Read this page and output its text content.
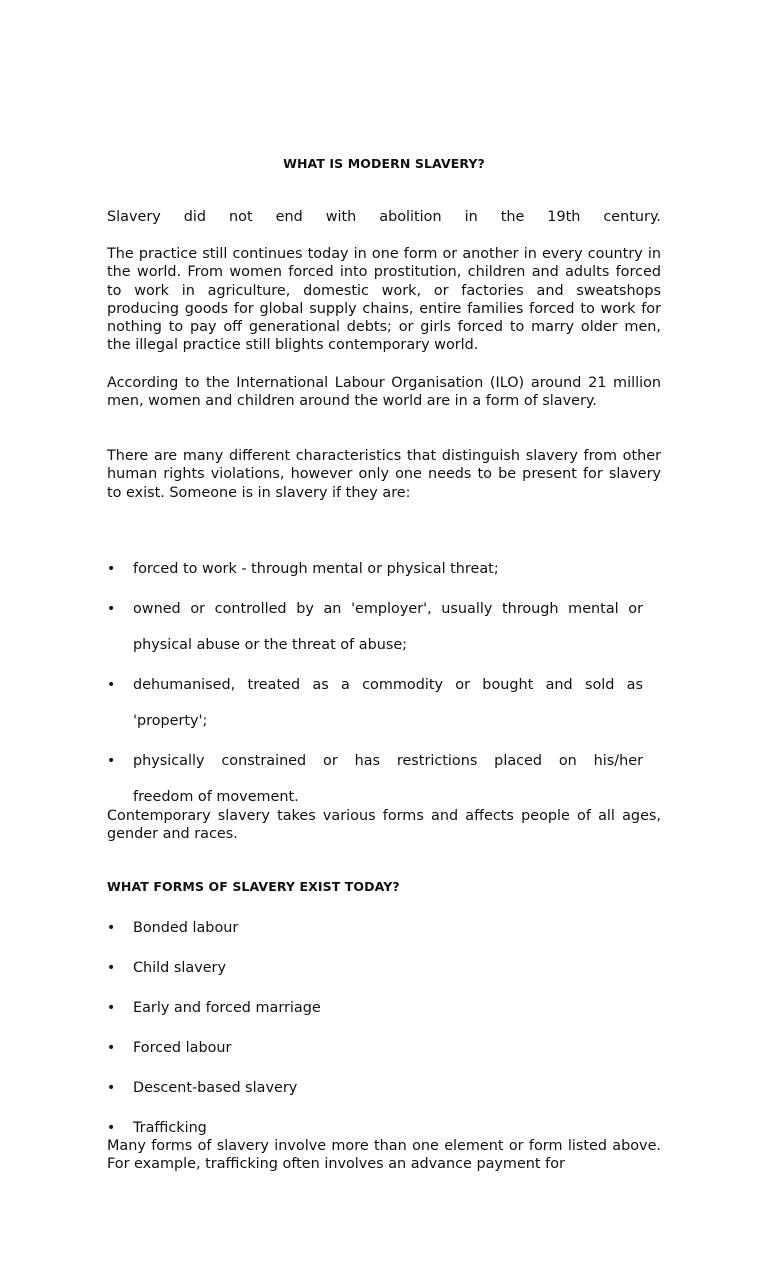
WHAT IS MODERN SLAVERY?

Slavery did not end with abolition in the 19th century.

The practice still continues today in one form or another in every country in the world. From women forced into prostitution, children and adults forced to work in agriculture, domestic work, or factories and sweatshops producing goods for global supply chains, entire families forced to work for nothing to pay off generational debts; or girls forced to marry older men, the illegal practice still blights contemporary world.

According to the International Labour Organisation (ILO) around 21 million men, women and children around the world are in a form of slavery.

There are many different characteristics that distinguish slavery from other human rights violations, however only one needs to be present for slavery to exist. Someone is in slavery if they are:

• forced to work - through mental or physical threat;
• owned or controlled by an 'employer', usually through mental or
physical abuse or the threat of abuse;
• dehumanised, treated as a commodity or bought and sold as
'property';
• physically constrained or has restrictions placed on his/her
freedom of movement.

Contemporary slavery takes various forms and affects people of all ages, gender and races.

WHAT FORMS OF SLAVERY EXIST TODAY?
• Bonded labour
• Child slavery
• Early and forced marriage
• Forced labour
• Descent-based slavery
• Trafficking

Many forms of slavery involve more than one element or form listed above. For example, trafficking often involves an advance payment for
